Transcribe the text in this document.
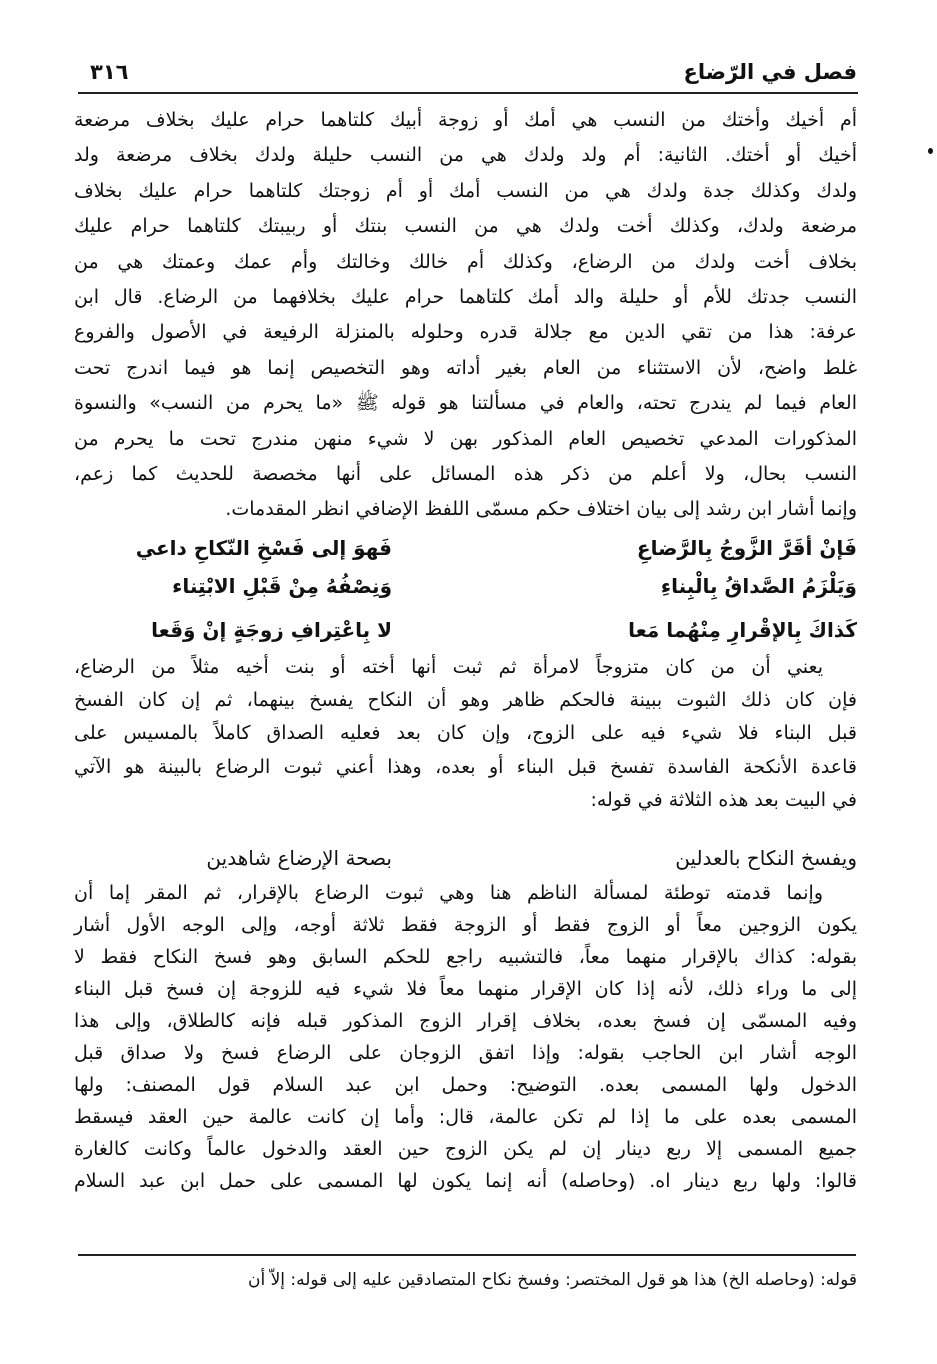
٣١٦	فصل في الرّضاع
أم أخيك وأختك من النسب هي أمك أو زوجة أبيك كلتاهما حرام عليك بخلاف مرضعة
أخيك أو أختك. الثانية: أم ولد ولدك هي من النسب حليلة ولدك بخلاف مرضعة ولد
ولدك وكذلك جدة ولدك هي من النسب أمك أو أم زوجتك كلتاهما حرام عليك بخلاف
مرضعة ولدك، وكذلك أخت ولدك هي من النسب بنتك أو ربيبتك كلتاهما حرام عليك
بخلاف أخت ولدك من الرضاع، وكذلك أم خالك وخالتك وأم عمك وعمتك هي من
النسب جدتك للأم أو حليلة والد أمك كلتاهما حرام عليك بخلافهما من الرضاع. قال ابن
عرفة: هذا من تقي الدين مع جلالة قدره وحلوله بالمنزلة الرفيعة في الأصول والفروع
غلط واضح، لأن الاستثناء من العام بغير أداته وهو التخصيص إنما هو فيما اندرج تحت
العام فيما لم يندرج تحته، والعام في مسألتنا هو قوله ﷺ «ما يحرم من النسب» والنسوة
المذكورات المدعي تخصيص العام المذكور بهن لا شيء منهن مندرج تحت ما يحرم من
النسب بحال، ولا أعلم من ذكر هذه المسائل على أنها مخصصة للحديث كما زعم،
وإنما أشار ابن رشد إلى بيان اختلاف حكم مسمّى اللفظ الإضافي انظر المقدمات.
يعني أن من كان متزوجاً لامرأة ثم ثبت أنها أخته أو بنت أخيه مثلاً من الرضاع،
فإن كان ذلك الثبوت ببينة فالحكم ظاهر وهو أن النكاح يفسخ بينهما، ثم إن كان الفسخ
قبل البناء فلا شيء فيه على الزوج، وإن كان بعد فعليه الصداق كاملاً بالمسيس على
قاعدة الأنكحة الفاسدة تفسخ قبل البناء أو بعده، وهذا أعني ثبوت الرضاع بالبينة هو الآتي
في البيت بعد هذه الثلاثة في قوله:
وإنما قدمته توطئة لمسألة الناظم هنا وهي ثبوت الرضاع بالإقرار، ثم المقر إما أن
يكون الزوجين معاً أو الزوج فقط أو الزوجة فقط ثلاثة أوجه، وإلى الوجه الأول أشار
بقوله: كذاك بالإقرار منهما معاً، فالتشبيه راجع للحكم السابق وهو فسخ النكاح فقط لا
إلى ما وراء ذلك، لأنه إذا كان الإقرار منهما معاً فلا شيء فيه للزوجة إن فسخ قبل البناء
وفيه المسمّى إن فسخ بعده، بخلاف إقرار الزوج المذكور قبله فإنه كالطلاق، وإلى هذا
الوجه أشار ابن الحاجب بقوله: وإذا اتفق الزوجان على الرضاع فسخ ولا صداق قبل
الدخول ولها المسمى بعده. التوضيح: وحمل ابن عبد السلام قول المصنف: ولها
المسمى بعده على ما إذا لم تكن عالمة، قال: وأما إن كانت عالمة حين العقد فيسقط
جميع المسمى إلا ربع دينار إن لم يكن الزوج حين العقد والدخول عالماً وكانت كالغارة
قالوا: ولها ربع دينار اه. (وحاصله) أنه إنما يكون لها المسمى على حمل ابن عبد السلام
فَإنْ أقَرَّ الزَّوجُ بِالرَّضاعِ
فَهوَ إلى فَسْخِ النّكاحِ داعي
وَيَلْزَمُ الصَّداقُ بِالْبِناءِ
وَنِصْفُهُ مِنْ قَبْلِ الابْتِناء
كَذاكَ بِالإقْرارِ مِنْهُما مَعا
لا بِاعْتِرافِ زوجَةٍ إنْ وَقَعا
ويفسخ النكاح بالعدلين
بصحة الإرضاع شاهدين
قوله: (وحاصله الخ) هذا هو قول المختصر: وفسخ نكاح المتصادقين عليه إلى قوله: إلاّ أن
